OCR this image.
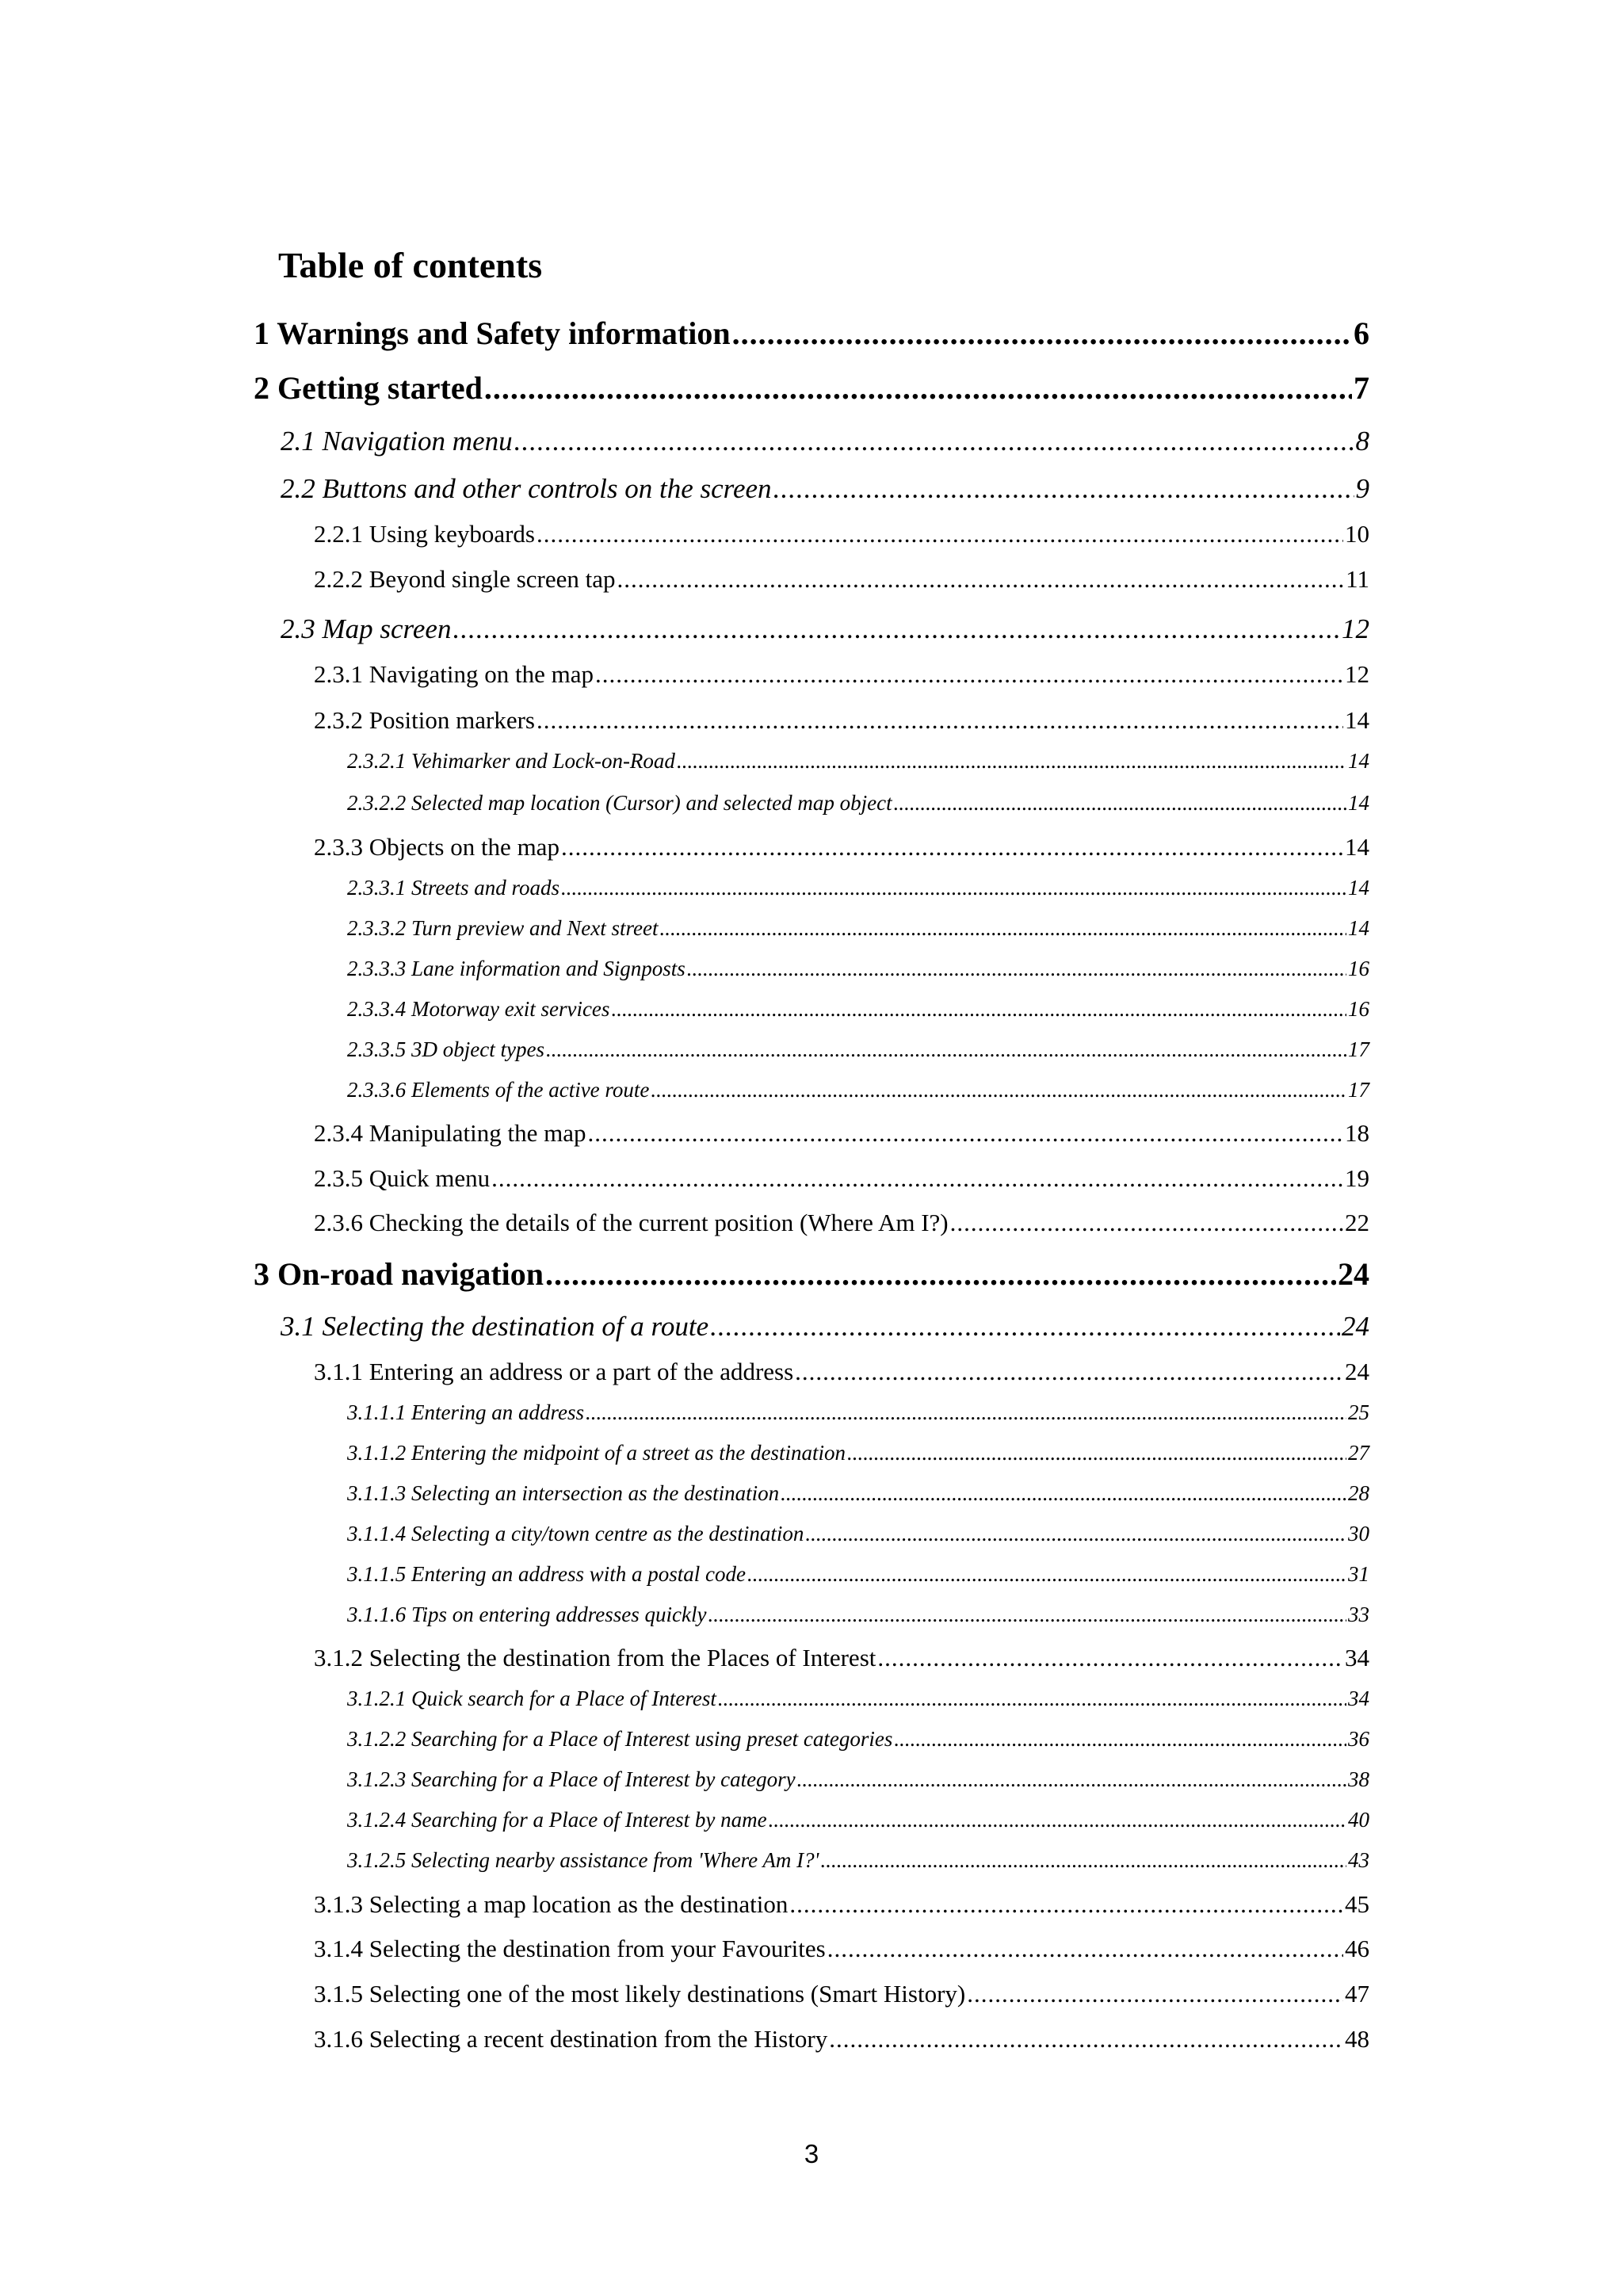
Table of contents
1 Warnings and Safety information .....	6
2 Getting started .....	7
2.1 Navigation menu .....	8
2.2 Buttons and other controls on the screen .....	9
2.2.1 Using keyboards .....	10
2.2.2 Beyond single screen tap .....	11
2.3 Map screen .....	12
2.3.1 Navigating on the map .....	12
2.3.2 Position markers .....	14
2.3.2.1 Vehimarker and Lock-on-Road .....	14
2.3.2.2 Selected map location (Cursor) and selected map object .....	14
2.3.3 Objects on the map .....	14
2.3.3.1 Streets and roads .....	14
2.3.3.2 Turn preview and Next street .....	14
2.3.3.3 Lane information and Signposts .....	16
2.3.3.4 Motorway exit services .....	16
2.3.3.5 3D object types .....	17
2.3.3.6 Elements of the active route .....	17
2.3.4 Manipulating the map .....	18
2.3.5 Quick menu .....	19
2.3.6 Checking the details of the current position (Where Am I?) .....	22
3 On-road navigation .....	24
3.1 Selecting the destination of a route .....	24
3.1.1 Entering an address or a part of the address .....	24
3.1.1.1 Entering an address .....	25
3.1.1.2 Entering the midpoint of a street as the destination .....	27
3.1.1.3 Selecting an intersection as the destination .....	28
3.1.1.4 Selecting a city/town centre as the destination .....	30
3.1.1.5 Entering an address with a postal code .....	31
3.1.1.6 Tips on entering addresses quickly .....	33
3.1.2 Selecting the destination from the Places of Interest .....	34
3.1.2.1 Quick search for a Place of Interest .....	34
3.1.2.2 Searching for a Place of Interest using preset categories .....	36
3.1.2.3 Searching for a Place of Interest by category .....	38
3.1.2.4 Searching for a Place of Interest by name .....	40
3.1.2.5 Selecting nearby assistance from 'Where Am I?' .....	43
3.1.3 Selecting a map location as the destination .....	45
3.1.4 Selecting the destination from your Favourites .....	46
3.1.5 Selecting one of the most likely destinations (Smart History) .....	47
3.1.6 Selecting a recent destination from the History .....	48
3
